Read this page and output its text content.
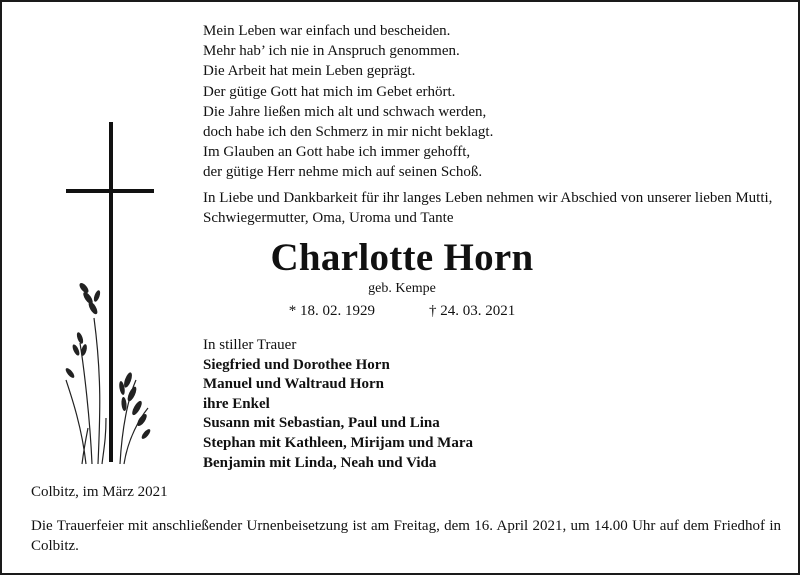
Mein Leben war einfach und bescheiden.
Mehr hab’ ich nie in Anspruch genommen.
Die Arbeit hat mein Leben geprägt.
Der gütige Gott hat mich im Gebet erhört.
Die Jahre ließen mich alt und schwach werden,
doch habe ich den Schmerz in mir nicht beklagt.
Im Glauben an Gott habe ich immer gehofft,
der gütige Herr nehme mich auf seinen Schoß.
In Liebe und Dankbarkeit für ihr langes Leben nehmen wir Abschied von unserer lieben Mutti, Schwiegermutter, Oma, Uroma und Tante
Charlotte Horn
geb. Kempe
* 18. 02. 1929	† 24. 03. 2021
In stiller Trauer
Siegfried und Dorothee Horn
Manuel und Waltraud Horn
ihre Enkel
Susann mit Sebastian, Paul und Lina
Stephan mit Kathleen, Mirijam und Mara
Benjamin mit Linda, Neah und Vida
Colbitz, im März 2021
Die Trauerfeier mit anschließender Urnenbeisetzung ist am Freitag, dem 16. April 2021, um 14.00 Uhr auf dem Friedhof in Colbitz.
